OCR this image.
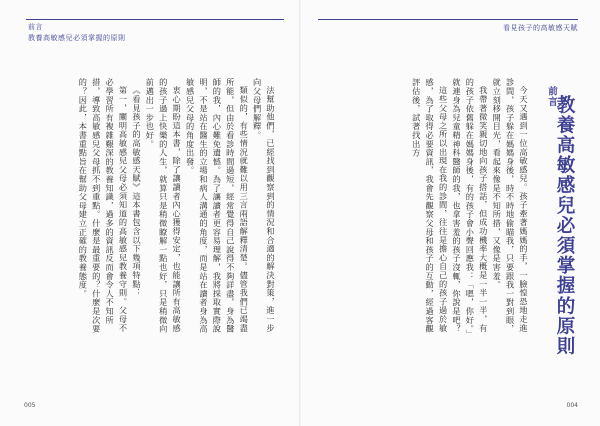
前言
教養高敏感兒必須掌握的原則

法幫助他們，已經找到觀察到的情況和合適的解決對策，進一步向父母們解釋。

類似的，有些情況就難以用三言兩語解釋清楚。儘管我們已竭盡所能，但由於看診時間過短，經常覺得自己說得不夠詳盡，身為醫師的我，內心難免遺憾。為了讓讀者更容易理解，我將採取實際說明，不是站在醫生的立場和病人溝通的角度，而是站在讀者身為高敏感兒父母的角度出發。

衷心期盼這本書，除了讓讀者內心獲得安定，也能讓所有高敏感的孩子過上快樂的人生，就算只是稍微瞭解一點也好，只是稍微向前邁出一步也好。

《看見孩子的高敏感天賦》這本書包含以下幾項特點：

第一，闡明高敏感兒父母必須知道的高敏感兒教養守則。父母不必學習所有複雜艱深的教養知識，過多的資訊反而會令人不知所措，導致高敏感兒父母抓不到重點。什麼是最重要的？什麼是次要的？因此，本書重點旨在幫助父母建立正確的教養態度。

005
看見孩子的高敏感天賦

今天又遇到一位高敏感兒。孩子牽著媽媽的手，一臉惶恐地走進診間，孩子躲在媽媽身後，時不時地偷瞄我，只要跟我一對到眼，就立刻移開目光，看起來像是不知所措，又像是害羞。

我帶著微笑親切地向孩子搭話，但成功機率大概是一半一半，有的孩子依舊躲在媽媽身後，有的孩子會小聲回應我：「嗯，你好。」就連身為兒童精神科醫師的我，也拿害羞的孩子沒輒，你說是吧？

這些父母之所以出現在我的診間，往往是擔心自己的孩子過於敏感，為了取得必要資訊，我會先觀察父母和孩子的互動，經過客觀評估後，試著找出方	前言
教養高敏感兒必須掌握的原則
004
